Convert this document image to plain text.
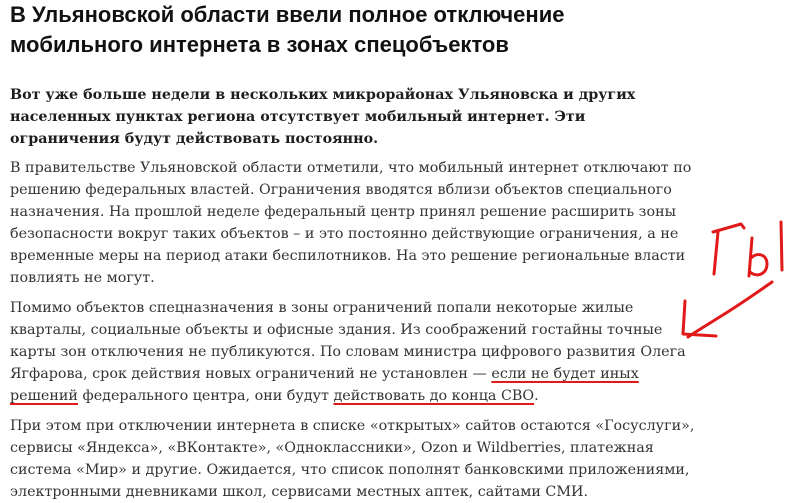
В Ульяновской области ввели полное отключение мобильного интернета в зонах спецобъектов

Вот уже больше недели в нескольких микрорайонах Ульяновска и других населенных пунктах региона отсутствует мобильный интернет. Эти ограничения будут действовать постоянно.

В правительстве Ульяновской области отметили, что мобильный интернет отключают по решению федеральных властей. Ограничения вводятся вблизи объектов специального назначения. На прошлой неделе федеральный центр принял решение расширить зоны безопасности вокруг таких объектов – и это постоянно действующие ограничения, а не временные меры на период атаки беспилотников. На это решение региональные власти повлиять не могут.

Помимо объектов спецназначения в зоны ограничений попали некоторые жилые кварталы, социальные объекты и офисные здания. Из соображений гостайны точные карты зон отключения не публикуются. По словам министра цифрового развития Олега Ягфарова, срок действия новых ограничений не установлен — если не будет иных решений федерального центра, они будут действовать до конца СВО.

При этом при отключении интернета в списке «открытых» сайтов остаются «Госуслуги», сервисы «Яндекса», «ВКонтакте», «Одноклассники», Ozon и Wildberries, платежная система «Мир» и другие. Ожидается, что список пополнят банковскими приложениями, электронными дневниками школ, сервисами местных аптек, сайтами СМИ.
